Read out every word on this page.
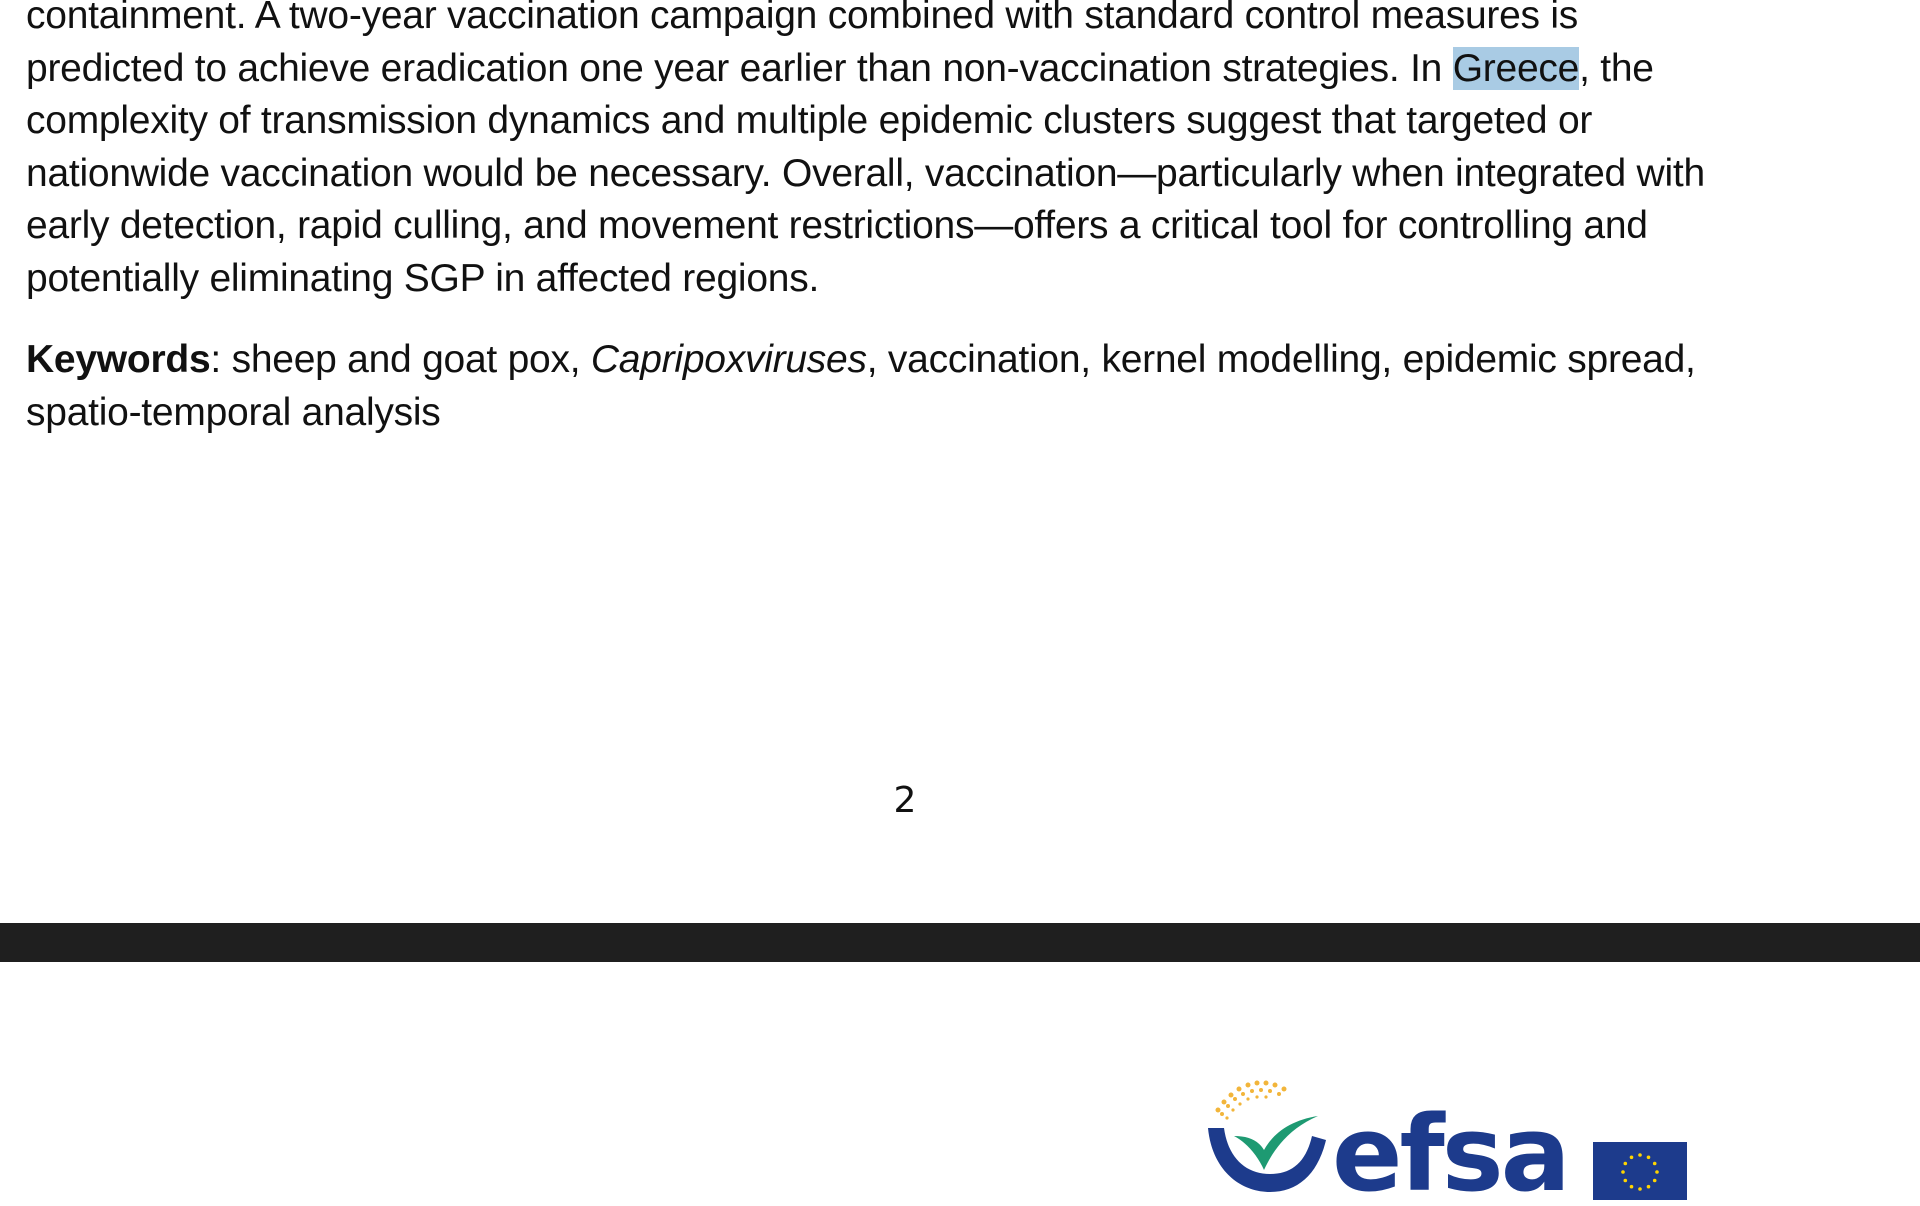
containment. A two-year vaccination campaign combined with standard control measures is
predicted to achieve eradication one year earlier than non-vaccination strategies. In Greece, the
complexity of transmission dynamics and multiple epidemic clusters suggest that targeted or
nationwide vaccination would be necessary. Overall, vaccination—particularly when integrated with
early detection, rapid culling, and movement restrictions—offers a critical tool for controlling and
potentially eliminating SGP in affected regions.

Keywords: sheep and goat pox, Capripoxviruses, vaccination, kernel modelling, epidemic spread,
spatio-temporal analysis

2
efsa
